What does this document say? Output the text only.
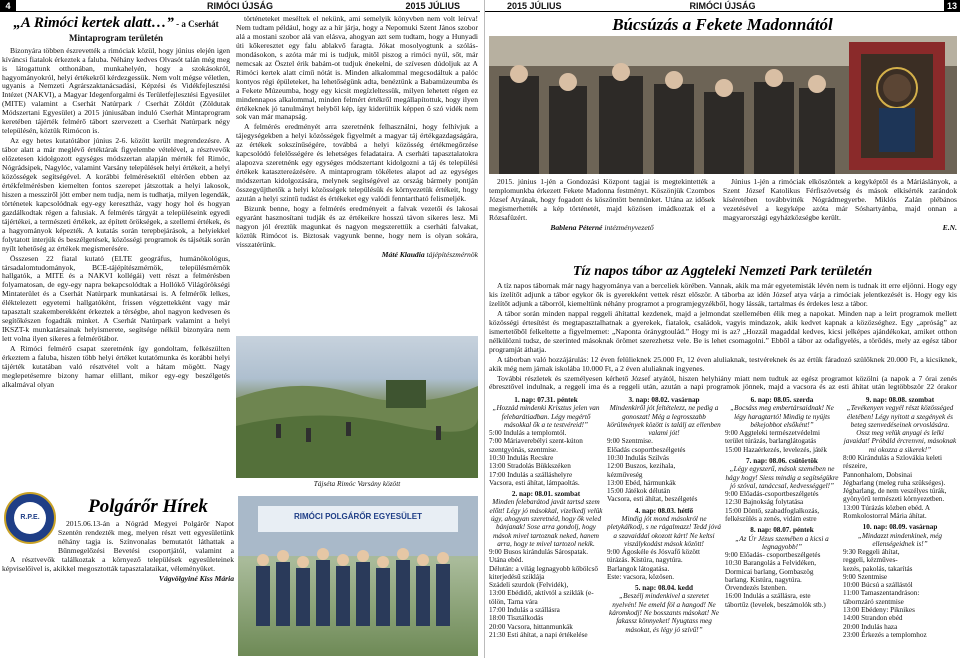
4	RIMÓCI ÚJSÁG	2015 JÚLIUS
„A Rimóci kertek alatt…” - a Cserhát Mintaprogram területén

Bizonyára többen észrevették a rimóciak közül, hogy június elején igen kíváncsi fiatalok érkeztek a faluba. Néhány kedves Olvasót talán még meg is látogattunk otthonában, munkahelyén, hogy a szokásokról, hagyományokról, helyi értékekről kérdezgessük. Nem volt mégse véletlen, ugyanis a Nemzeti Agrárszaktanácsadási, Képzési és Vidékfejlesztési Intézet (NAKVI), a Magyar Idegenforgalmi és Területfejlesztési Egyesület (MITE) valamint a Cserhát Natúrpark / Cserhát Zöldút (Zöldutak Módszertani Egyesület) a 2015 júniusában induló Cserhát Mintaprogram keretében tájérték felmérő tábort szervezett a Cserhát Natúrpark négy településén, köztük Rimócon is.

Az egy hetes kutatótábor június 2-6. között került megrendezésre. A tábor alatt a már meglévő értéktárak figyelembe vételével, a résztvevők előzetesen kidolgozott egységes módszertan alapján mérték fel Rimóc, Nógrádsipek, Nagylóc, valamint Varsány települések helyi értékeit, a helyi közösségek segítségével. A korábbi felmérésektől eltérően ebben az értékfelmérésben kiemelten fontos szerepet játszottak a helyi lakosok, hiszen a messziről jött ember nem tudja, nem is tudhatja, milyen legendák, történetek kapcsolódnak egy-egy keresztház, vagy hogy hol és hogyan gazdálkodtak régen a falusiak. A felmérés tárgyát a településeink egyedi tájértékei, a természeti értékek, az épített örökségek, a szellemi értékek, és a hagyományok képezték. A kutatás során terepbejárások, a helyiekkel folytatott interjúk és beszélgetések, közösségi programok és tájséták során nyílt lehetőség az értékek megismerésére.

Összesen 22 fiatal kutató (ELTE geográfus, humánökológus, társadalomtudományok, BCE-tájépítészmérnök, településmérnök hallgatók, a MITE és a NAKVI kollégái) vett részt a felmérésben folyamatosan, de egy-egy napra bekapcsolódtak a Hollókő Világörökségi Mintaterület és a Cserhát Natúrpark munkatársai is. A felmérők lelkes, éléktelezett egyetemi hallgatóként, frissen végzettekként vagy már tapasztalt szakemberekként érkeztek a térségbe, ahol nagyon kedvesen és segítőkészen fogadták minket. A Cserhát Natúrpark valamint a helyi IKSZT-k munkatársainak helyismerete, segítsége nélkül bizonyára nem lett volna ilyen sikeres a felmérőtábor.

A Rimóci felmérő csapat szeretnénk így gondoltam, felkészülten érkeztem a faluba, hiszen több helyi értéket kutatómunka és korábbi helyi tájérték kutatában való résztvétel volt a hátam mögött. Nagy meglepetésemre bizony hamar elillant, mikor egy-egy beszélgetés alkalmával olyan

történeteket meséltek el nekünk, ami semelyik könyvben nem volt leírva! Nem tudtam például, hogy az a hír járja, hogy a Nepomuki Szent János szobor alá a mostani szobor alá van elásva, ahogyan azt sem tudtam, hogy a Hunyadi úti kőkeresztet egy falu ablakvő faragta. Jókat mosolyogtunk a szólás-mondásokon, s azóta már mi is tudjuk, mitől piszog a rimóci nyúl, sőt, már nemcsak az Ösztel érik babám-ot tudjuk énekelni, de szívesen dúdoljuk az A Rimóci kertek alatt című nótát is. Minden alkalommal megcsodáltuk a palóc kontyos régi épületeket, ha lehetőségünk adta, benéztünk a Babamúzeumba és a Fekete Múzeumba, hogy egy kicsit megízleltessük, milyen lehetett régen ez mindennapos alkalommal, minden felmért értékről megállapítottuk, hogy ilyen értékeknek jó tanulmányt helyből kép, így kiderültük képpen ő szó vidék nem sok van már manapság.

A felmérés eredményét arra szeretnénk felhasználni, hogy felhívjuk a tájegységekben a helyi közösségek figyelmét a magyar táj értékgazdagságára, az értékek sokszínűségére, továbbá a helyi közösség értékmegőrzése kapcsolódó felelősségére és lehetséges feladataira. A cserháti tapasztalatokra alapozva szeretnénk egy egységes módszertant kidolgozni a táj és települési értékek katasztereázésére. A mintaprogram tökéletes alapot ad az egységes módszertan kidolgozására, melynek segítségével az ország bármely pontján összegyűjthetők a helyi közösségek településük és környezetük értékeit, hogy azután a helyi szintű tudást és értékeket egy valódi fenntartható felismeljék.

Bizunk benne, hogy a felmérés eredményeit a falvak vezetői és lakosai egyaránt hasznosítani tudják és az értékeikre hosszú távon sikeres lesz. Mi nagyon jól éreztük magunkat és nagyon megszerettük a cserháti falvakat, köztük Rimócot is. Biztosak vagyunk benne, hogy nem is olyan sokára, visszatérünk.

Máté Klaudia tájépítészmérnök
Tájséta Rimóc Varsány között
R.P.E.
Polgárőr Hírek

2015.06.13-án a Nógrád Megyei Polgárőr Napot Szentén rendezték meg, melyen részt vett egyesületünk néhány tagja is. Színvonalas bemutatót láthattak a Bűnmegelőzési Bevetési csoportjától, valamint a

A résztvevők találkoztak a környező települések egyesületeinek képviselőivel is, akikkel megosztották tapasztalataikat, véleményüket.

Vágvölgyiné Kiss Mária
RIMÓCI POLGÁRŐR EGYESÜLET
2015 JÚLIUS	RIMÓCI ÚJSÁG	13
Búcsúzás a Fekete Madonnától

2015. június 1-jén a Gondozási Központ tagjai is megtekintették a templomunkba érkezett Fekete Madonna festményt. Köszönjük Czombos József Atyának, hogy fogadott és köszöntött bennünket. Utána az idősek megismerhették a kép történetét, majd közösen imádkoztak el a Rózsafüzért.

Bablena Péterné intézményvezető

Június 1-jén a rimóciak elköszöntek a kegyképtől és a Máriáslányok, a Szent József Katolikus Férfiszövetség és mások elkísérték zarándok kíséretében továbbvitték Nógrádmegyerbe. Miklós Zalán plébános vezetésével a kegyképe azóta már Sóshartyánba, majd onnan a magyarországi egyházközségbe került.

E.N.
Tíz napos tábor az Aggteleki Nemzeti Park területén

A tíz napos tábornak már nagy hagyománya van a berceliek körében. Vannak, akik ma már egyetemisták lévén nem is tudnak itt erre eljönni. Hogy egy kis ízelítőt adjunk a tábor egykor ők is gyerekként vettek részt először. A táborba az idén József atya várja a rimóciak jelentkezését is. Hogy egy kis ízelítőt adjunk a táborról, kiemeltünk néhány programot a programjegyzékből, hogy lássák, tartalmas és érdekes lesz a tábor.

A tábor során minden nappal reggeli áhítattal kezdenek, majd a jelmondat szellemében élik meg a napokat. Minden nap a leírt programok mellett közösségi értesítést és megtapasztalhatnak a gyerekek, fiatalok, családok, vagyis mindazok, akik kedvet kapnak a közözséghez. Egy „apróság” az ismertetőből felkeltette a figyelmemet: „Naponta óránygtoulád.” Hogy mi is az? „Hozzál magaddal kedves, kicsi jelképes ajándékokat, amiket otthon nélkülözni tudsz, de szerinted másoknak örömet szerezhetsz vele. Be is lehet csomagolni.” Ebből a tábor az odafigyelés, a törődés, mely az egész tábor programját áthatja.

A táborban való hozzájárulás: 12 éven felülieknek 25.000 Ft, 12 éven aluliaknak, testvéreknek és az értük fáradozó szülőknek 20.000 Ft, a kicsiknek, akik még nem járnak iskolába 10.000 Ft, a 2 éven aluliaknak ingyenes.

További részletek és személyesen kérhető József atyától, hiszen helyhiány miatt nem tudtuk az egész programot közölni (a napok a 7 órai zenés ébresztővel indulnak, a reggeli ima és a reggeli után, azután a napi programok jönnek, majd a vacsora és az esti áhítat után legtöbbször 22 órakor

1. nap: 07.31. péntek
„Hozzád mindenki Krisztus jelen van felebarátiadban. Légy megértő másokkal ők a te testvéreid!”
5:00 Indulás a templomtól.
7:00 Máriaverebélyi szent-kúton szentgyónás, szentmise.
10:30 Indulás Recskre
13:00 Stradolás Bükkszéken
17:00 Indulás a szálláshelyre
Vacsora, esti áhítat, lámpaoltás.
2. nap: 08.01. szombat
Minden felebarátod javát tartsd szem előtt! Légy jó másokkal, vizelkedj velük úgy, ahogyan szeretnéd, hogy ők veled bánjanak! Sose arra gondolj, hogy mások mivel tartoznak neked, hanem arra, hogy te mivel tartozol nekik.
9:00 Busos kirándulás Sárospatak. Utána ebéd.
Délután: a világ legnagyobb kőbölcső kiterjedésű sziklája
Szádeli szurdok (Felvidék),
13:00 Ebédidő, aktívtól a sziklák (e-
tölön, Tarna vára
17:00 Indulás a szállásra
18:00 Tisztálkodás
20:00 Vacsora, hittanmunkák
21:30 Esti áhítat, a napi értékelése
3. nap: 08.02. vasárnap
Mindenkiről jót feltételezz, ne pedig a gonoszat! Még a legrosszabb körülmények között is találj az ellenben valami jót!
9:00 Szentmise.
Előadás csoportbeszélgetés
10:30 Indulás Szilvás
12:00 Buszos, kezihala,
kézműveség
13:00 Ebéd, hármunkák
15:00 Játékok délután
Vacsora, esti áhítat, beszélgetés
4. nap: 08.03. hétfő
Mindig jót mond másokról ne pletykálkodj, s ne rágalmazz! Tedd jóvá a szavaiddal okozott kárt! Ne keltsi viszálykodást mások között!
9:00 Ágoskéle és Jósvafő között
túrázás. Kistúra, nagytúra.
Barlangok látogatása.
Este: vacsora, közösen.
5. nap: 08.04. kedd
„Beszélj mindenkivel a szeretet nyelvén! Ne emeld föl a hangod! Ne káromkodj! Ne bosszants másokat! Ne fakassz könnyeket! Nyugtass meg másokat, és légy jó szívű!”
6. nap: 08.05. szerda
„Bocsáss meg embertársaidnak! Ne légy haragtartó! Mindig te nyújts békejobbot elsőként!”
9:00 Aggteleki természetvédelmi
terület túrázás, barlanglátogatás
15:00 Hazaérkezés, levelezés, játék
7. nap: 08.06. csütörtök
„Légy egyszerű, mások szemében ne hágy hogy! Siess mindig a segítségükre jó szóval, tanáccsal, kedvességgel!”
9:00 Előadás-csoportbeszélgetés
12:30 Bajnokság folytatása
15:00 Döntő, szabadfoglalkozás,
felkészülés a zenés, vidám estre
8. nap: 08.07. péntek
„Az Úr Jézus szemében a kicsi a legnagyobb!”
9:00 Előadás- csoportbeszélgetés
10:30 Barangolás a Felvidéken,
Dormicai barlang, Gombaszög
barlang. Kistúra, nagytúra.
Örvendezés Istenben.
16:00 Indulás a szállásra, este
tábortűz (levelek, beszámolók stb.)
9. nap: 08.08. szombat
„Tevékenyen vegyél részt közösséged életében! Légy nyitott a szegények és beteg szenvedéseinek orvoslására. Ossz meg velük anyagi és lelki javaidat! Próbáld ércrenvni, másoknak mi okozza a sikerek!”
8:00 Kirándulás a Szlovákia keleti részeire,
Pannonhalom, Dobsinai
Jégbarlang (meleg ruha szükséges).
Jégbarlang, de nem veszélyes túrák,
gyönyörű természeti környezetben.
13:00 Túrázás közben ebéd. A
Romkolostorral Mária áhítat.
10. nap: 08.09. vasárnap
„Mindazzt mindenkinek, még ellenségeidnek is!”
9:30 Reggeli áhítat,
reggeli, kézműves-
kezés, pakolás, takarítás
9:00 Szentmise
10:00 Búcsú a szállástól
11:00 Tamaszentandráson:
tábornzáró szentmise
13:00 Ebédeny: Piknikes
14:00 Strandon ebéd
20:00 Indulás haza
23:00 Érkezés a templomhoz
